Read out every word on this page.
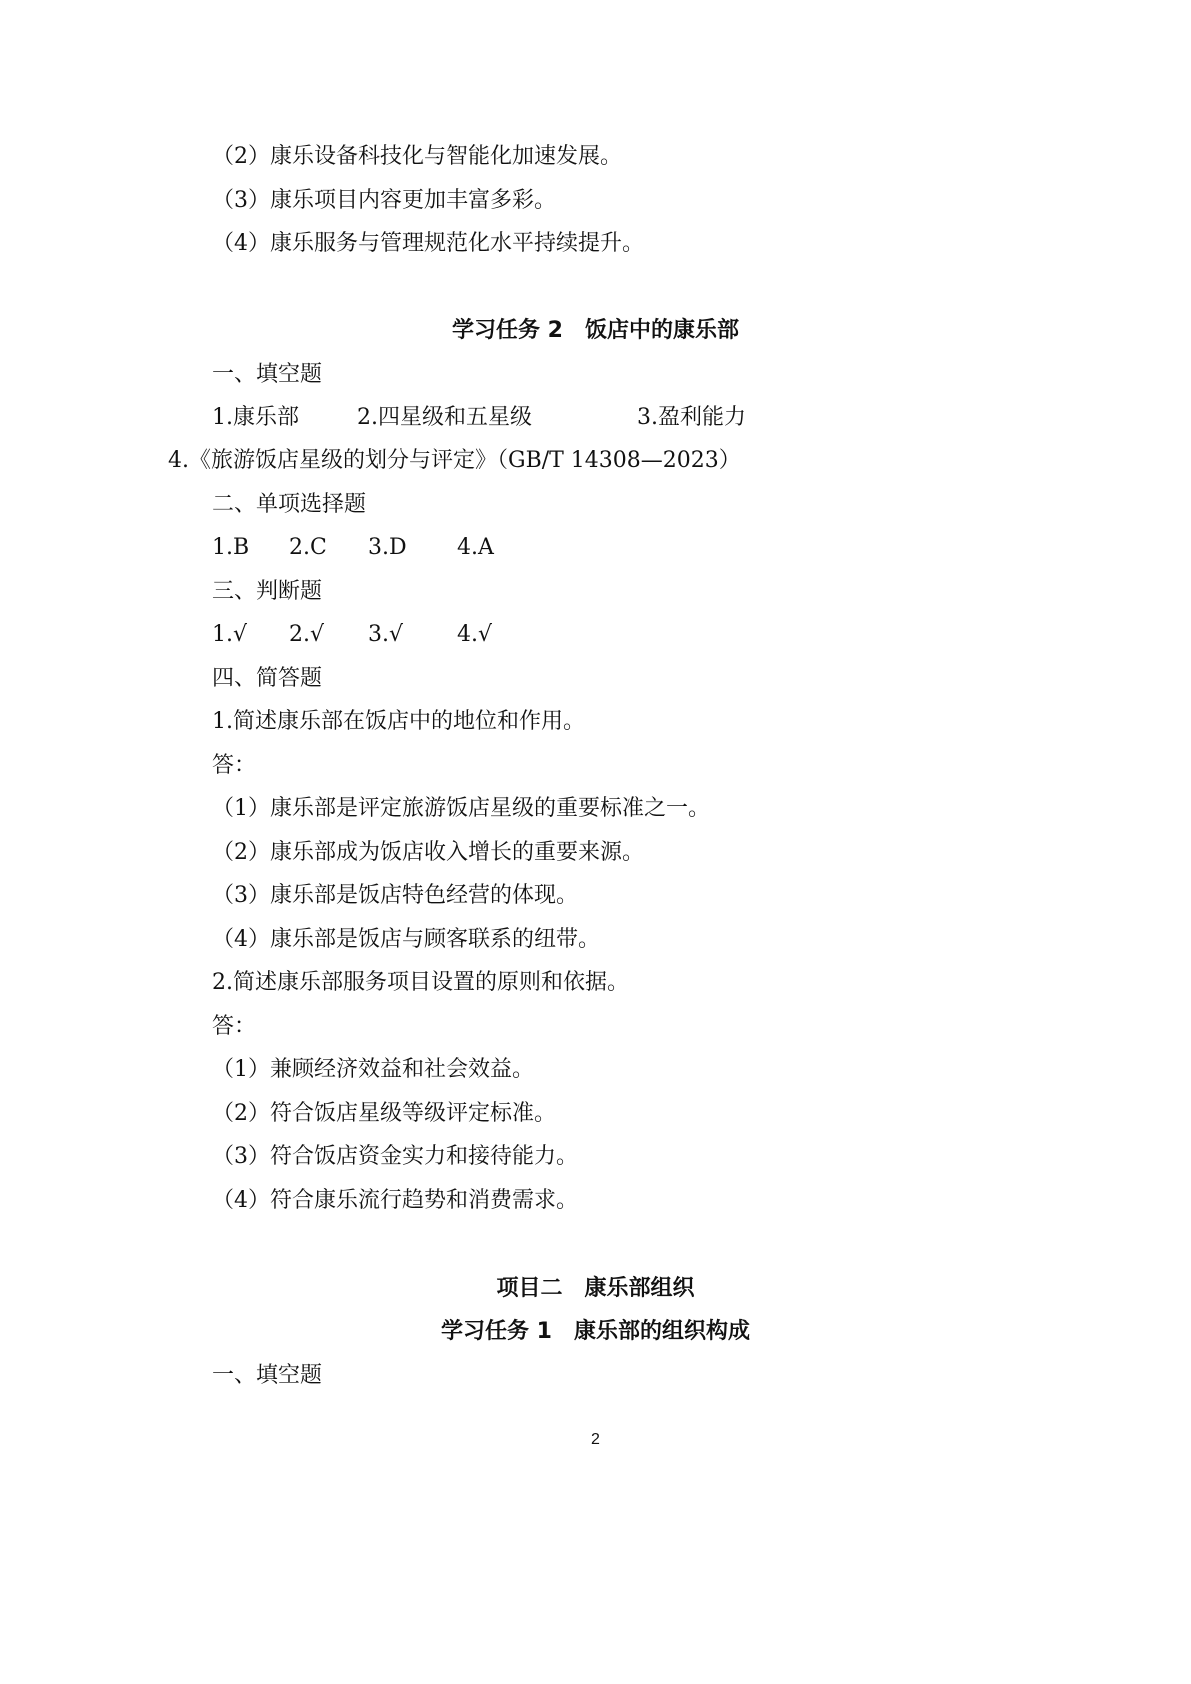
（2）康乐设备科技化与智能化加速发展。
（3）康乐项目内容更加丰富多彩。
（4）康乐服务与管理规范化水平持续提升。
学习任务 2　饭店中的康乐部
一、填空题
1.康乐部	2.四星级和五星级	3.盈利能力
4.《旅游饭店星级的划分与评定》（GB/T 14308—2023）
二、单项选择题
1.B 2.C 3.D 4.A
三、判断题
1.√ 2.√ 3.√ 4.√
四、简答题
1.简述康乐部在饭店中的地位和作用。
答：
（1）康乐部是评定旅游饭店星级的重要标准之一。
（2）康乐部成为饭店收入增长的重要来源。
（3）康乐部是饭店特色经营的体现。
（4）康乐部是饭店与顾客联系的纽带。
2.简述康乐部服务项目设置的原则和依据。
答：
（1）兼顾经济效益和社会效益。
（2）符合饭店星级等级评定标准。
（3）符合饭店资金实力和接待能力。
（4）符合康乐流行趋势和消费需求。
项目二　康乐部组织
学习任务 1　康乐部的组织构成
一、填空题
2
